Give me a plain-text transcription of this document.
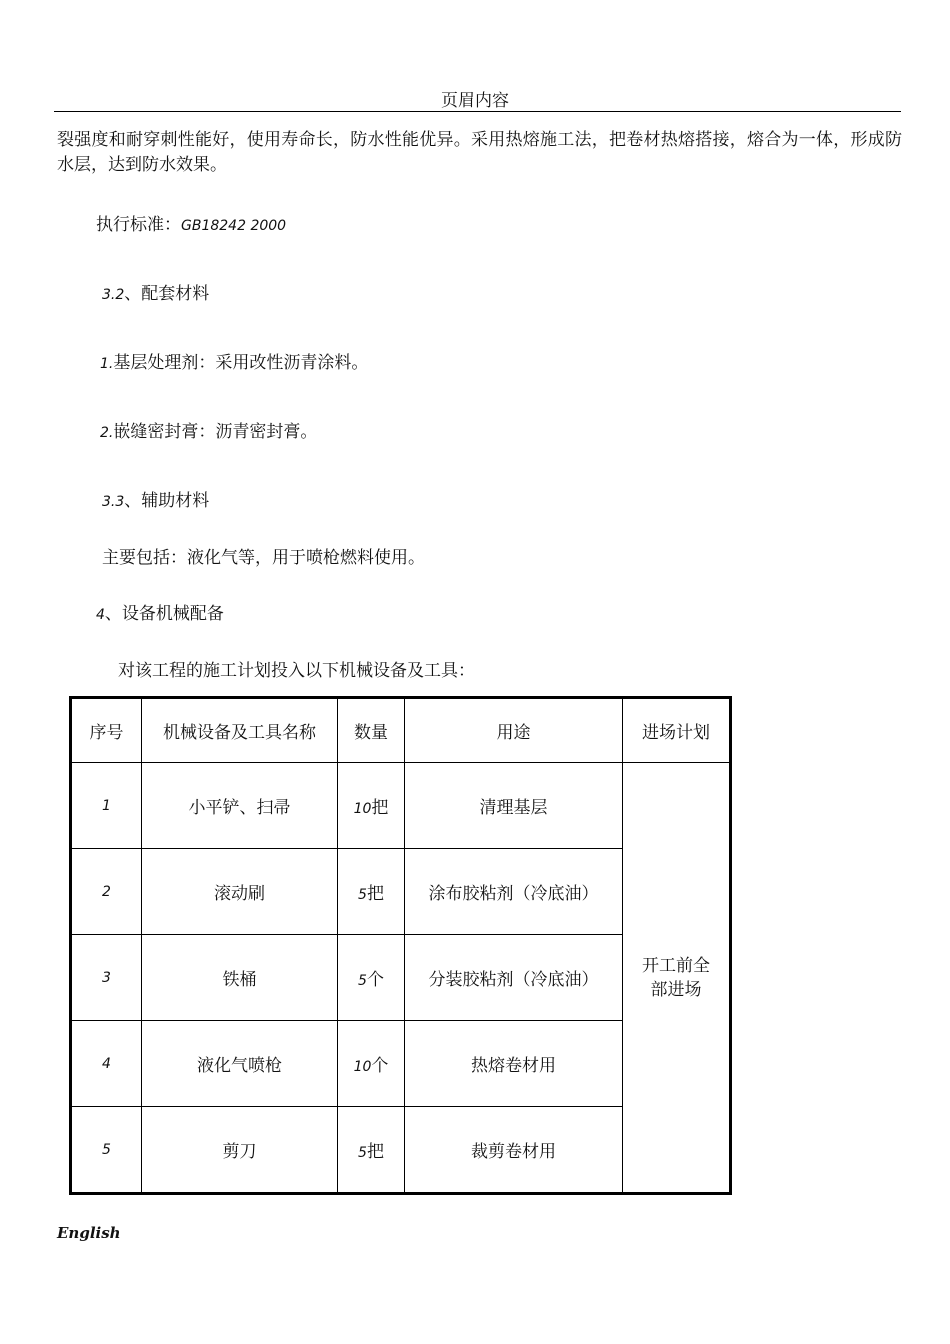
页眉内容
裂强度和耐穿刺性能好，使用寿命长，防水性能优异。采用热熔施工法，把卷材热熔搭接，熔合为一体，形成防水层，达到防水效果。
执行标准：GB18242 2000
3.2、配套材料
1.基层处理剂：采用改性沥青涂料。
2.嵌缝密封膏：沥青密封膏。
3.3、辅助材料
主要包括：液化气等，用于喷枪燃料使用。
4、设备机械配备
对该工程的施工计划投入以下机械设备及工具：
序号	机械设备及工具名称	数量	用途	进场计划
1	小平铲、扫帚	10把	清理基层	开工前全
部进场

2	滚动刷	5把	涂布胶粘剂（冷底油）	
3	铁桶	5个	分装胶粘剂（冷底油）	
4	液化气喷枪	10个	热熔卷材用	
5	剪刀	5把	裁剪卷材用	
English
